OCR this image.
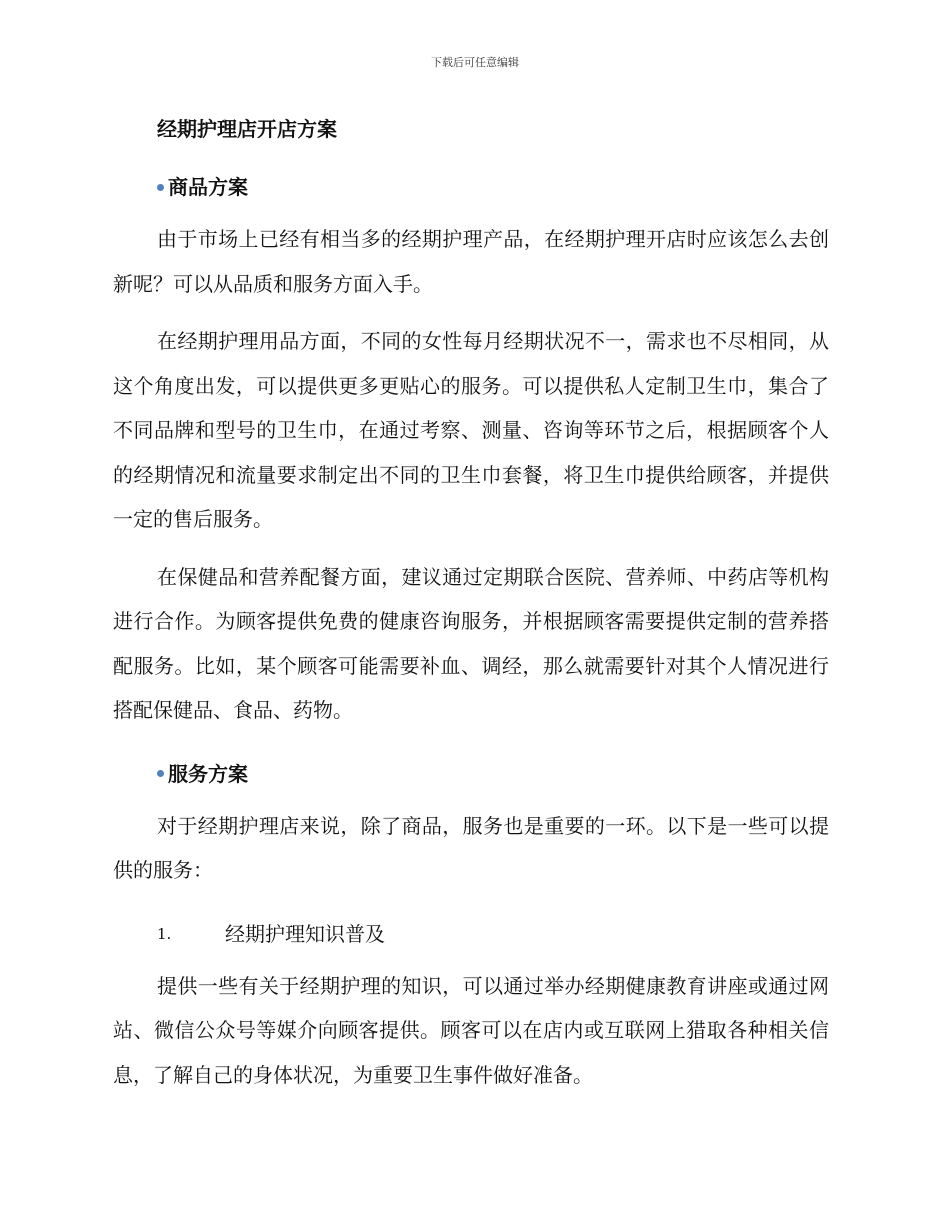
下载后可任意编辑
经期护理店开店方案
商品方案

由于市场上已经有相当多的经期护理产品，在经期护理开店时应该怎么去创新呢？可以从品质和服务方面入手。

在经期护理用品方面，不同的女性每月经期状况不一，需求也不尽相同，从这个角度出发，可以提供更多更贴心的服务。可以提供私人定制卫生巾，集合了不同品牌和型号的卫生巾，在通过考察、测量、咨询等环节之后，根据顾客个人的经期情况和流量要求制定出不同的卫生巾套餐，将卫生巾提供给顾客，并提供一定的售后服务。

在保健品和营养配餐方面，建议通过定期联合医院、营养师、中药店等机构进行合作。为顾客提供免费的健康咨询服务，并根据顾客需要提供定制的营养搭配服务。比如，某个顾客可能需要补血、调经，那么就需要针对其个人情况进行搭配保健品、食品、药物。

服务方案

对于经期护理店来说，除了商品，服务也是重要的一环。以下是一些可以提供的服务：

1.	经期护理知识普及

提供一些有关于经期护理的知识，可以通过举办经期健康教育讲座或通过网站、微信公众号等媒介向顾客提供。顾客可以在店内或互联网上猎取各种相关信息，了解自己的身体状况，为重要卫生事件做好准备。
